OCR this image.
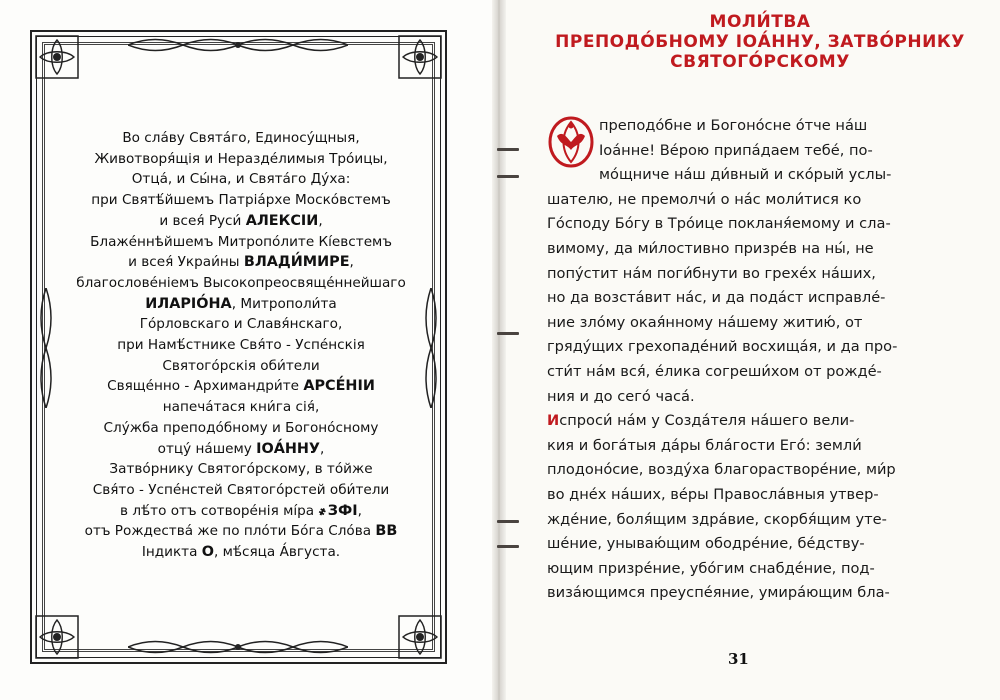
Во сла́ву Свята́го, Единосу́щныя,
Животворя́щія и Неразде́лимыя Тро́ицы,
Отца́, и Сы́на, и Свята́го Ду́ха:
при Святѣ́йшемъ Патріа́рхе Моско́встемъ
и всея́ Руси́ АЛЕКСІИ,
Блаже́ннѣйшемъ Митропо́лите Кі́евстемъ
и всея́ Украи́ны ВЛАДИ́МИРЕ,
благослове́ніемъ Высокопреосвяще́ннейшаго
ИЛАРІО́НА, Митрополи́та
Го́рловскаго и Славя́нскаго,
при Намѣ́стнике Свя́то - Успе́нскія
Святого́рскія оби́тели
Свяще́нно - Архимандри́те АРСЕ́НІИ
напеча́тася кни́га сія́,
Слу́жба преподо́бному и Богоно́сному
отцу́ на́шему ІОА́ННУ,
Затво́рнику Святого́рскому, в то́йже
Свя́то - Успе́нстей Святого́рстей оби́тели
в лѣ́то отъ сотворе́нія мі́ра ҂ЗФІ,
отъ Рождества́ же по пло́ти Бо́га Сло́ва ВВ
Індикта О, мѣ́сяца А́вгуста.
МОЛИ́ТВА
ПРЕПОДО́БНОМУ ІОА́ННУ, ЗАТВО́РНИКУ
СВЯТОГО́РСКОМУ
преподо́бне и Богоно́сне о́тче на́ш
Іоа́нне! Ве́рою припа́даем тебе́, по-
мо́щниче на́ш ди́вный и ско́рый услы-
шателю, не премолчи́ о на́с моли́тися ко
Го́споду Бо́гу в Тро́ице покланя́емому и сла-
вимому, да ми́лостивно призре́в на ны́, не
попу́стит на́м поги́бнути во грехе́х на́ших,
но да возста́вит на́с, и да пода́ст исправле́-
ние зло́му окая́нному на́шему житию́, от
гряду́щих грехопаде́ний восхища́я, и да про-
сти́т на́м вся́, е́лика согреши́хом от рожде́-
ния и до сего́ часа́.
Испроси́ на́м у Созда́теля на́шего вели-
кия и бога́тыя да́ры бла́гости Его́: земли́
плодоно́сие, возду́ха благорастворе́ние, ми́р
во дне́х на́ших, ве́ры Правосла́вныя утвер-
жде́ние, боля́щим здра́вие, скорбя́щим уте-
ше́ние, унываю́щим ободре́ние, бе́дству-
ющим призре́ние, убо́гим снабде́ние, под-
виза́ющимся преуспе́яние, умира́ющим бла-
31
